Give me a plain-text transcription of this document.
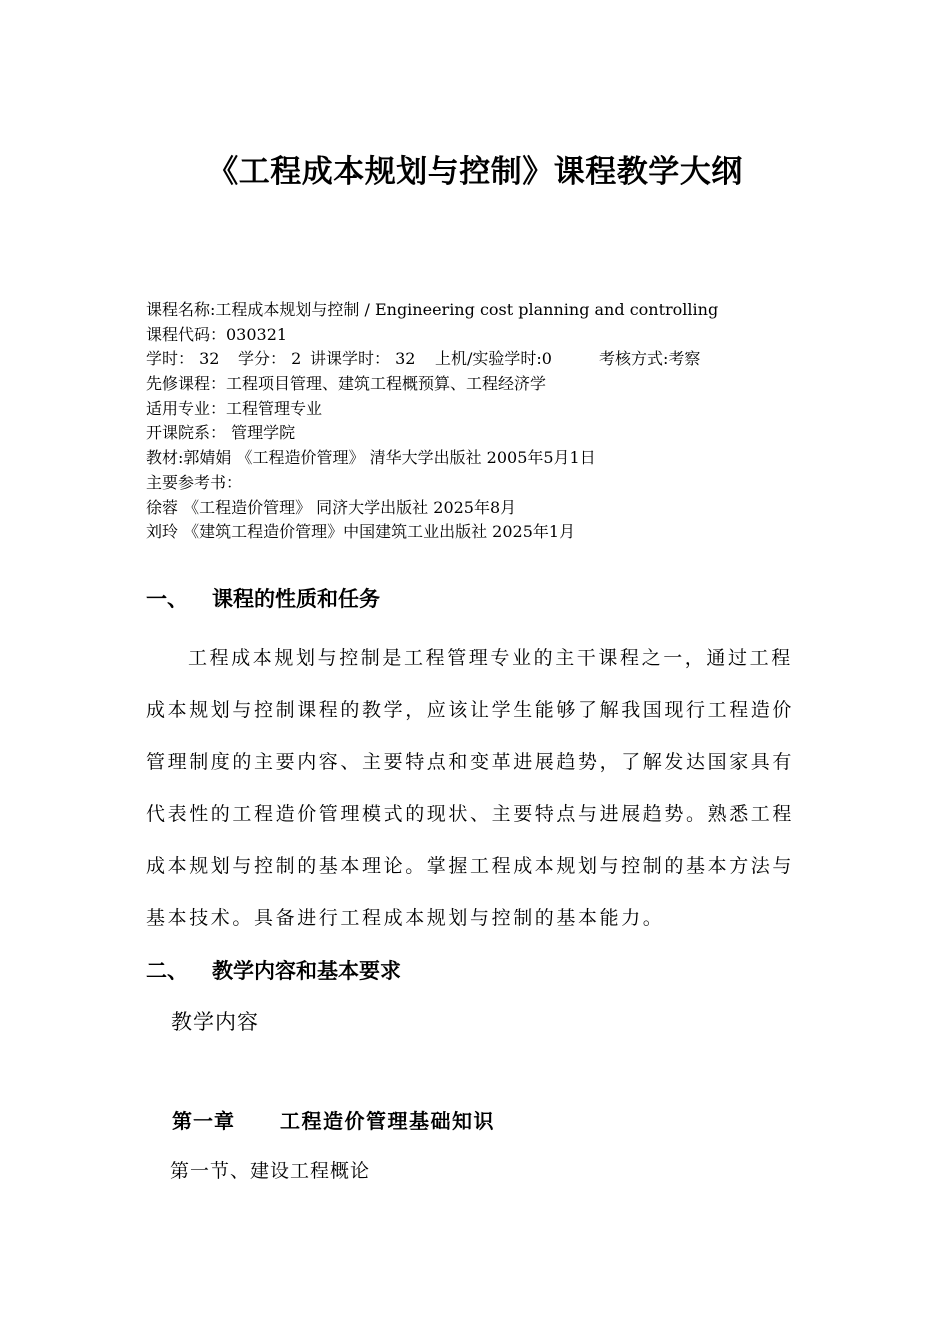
《工程成本规划与控制》课程教学大纲
课程名称:工程成本规划与控制 / Engineering cost planning and controlling
课程代码：030321
学时： 32 学分： 2 讲课学时： 32 上机/实验学时:0	考核方式:考察
先修课程：工程项目管理、建筑工程概预算、工程经济学
适用专业：工程管理专业
开课院系： 管理学院
教材:郭婧娟 《工程造价管理》 清华大学出版社 2005年5月1日
主要参考书：
徐蓉 《工程造价管理》 同济大学出版社 2025年8月
刘玲 《建筑工程造价管理》中国建筑工业出版社 2025年1月
一、 课程的性质和任务

工程成本规划与控制是工程管理专业的主干课程之一，通过工程成本规划与控制课程的教学，应该让学生能够了解我国现行工程造价管理制度的主要内容、主要特点和变革进展趋势，了解发达国家具有代表性的工程造价管理模式的现状、主要特点与进展趋势。熟悉工程成本规划与控制的基本理论。掌握工程成本规划与控制的基本方法与基本技术。具备进行工程成本规划与控制的基本能力。

二、 教学内容和基本要求
教学内容
第一章 工程造价管理基础知识
第一节、建设工程概论
